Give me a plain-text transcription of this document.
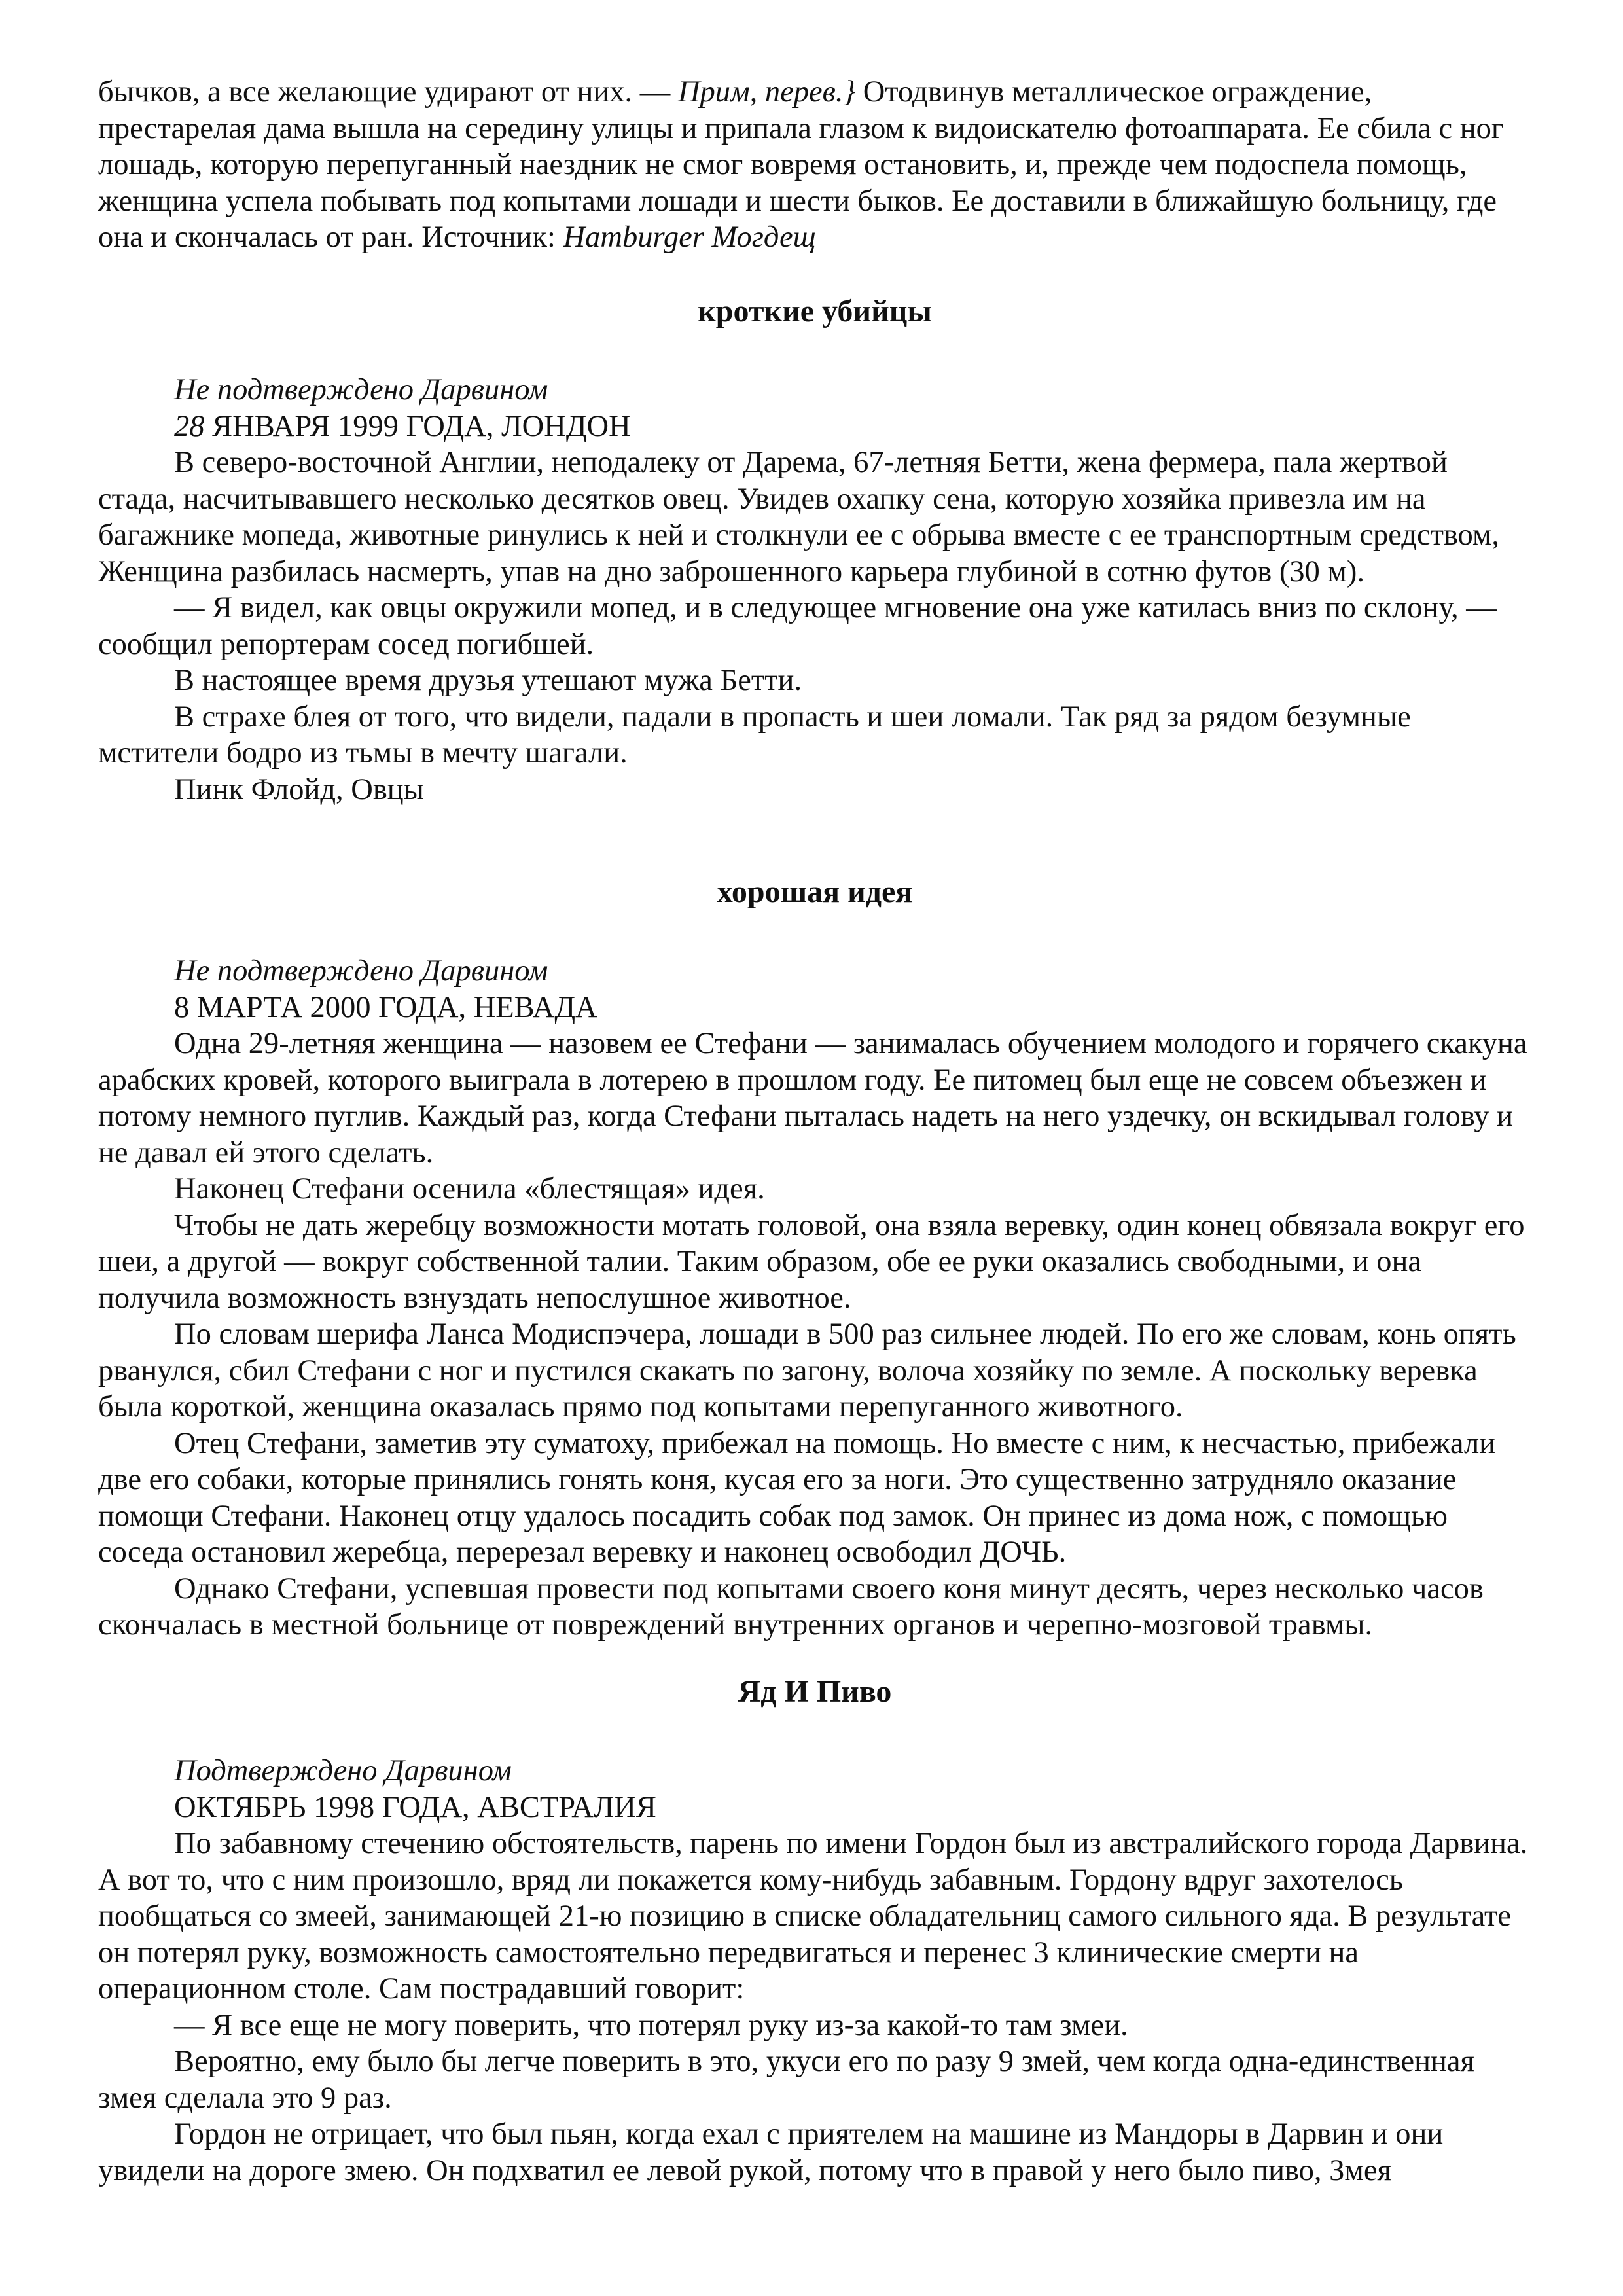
бычков, а все желающие удирают от них. — Прим, перев.} Отодвинув металлическое ограждение, престарелая дама вышла на середину улицы и припала глазом к видоискателю фотоаппарата. Ее сбила с ног лошадь, которую перепуганный наездник не смог вовремя остановить, и, прежде чем подоспела помощь, женщина успела побывать под копытами лошади и шести быков. Ее доставили в ближайшую больницу, где она и скончалась от ран. Источник: Hamburger Могдещ

кроткие убийцы

Не подтверждено Дарвином

28 ЯНВАРЯ 1999 ГОДА, ЛОНДОН

В северо-восточной Англии, неподалеку от Дарема, 67-летняя Бетти, жена фермера, пала жертвой стада, насчитывавшего несколько десятков овец. Увидев охапку сена, которую хозяйка привезла им на багажнике мопеда, животные ринулись к ней и столкнули ее с обрыва вместе с ее транспортным средством, Женщина разбилась насмерть, упав на дно заброшенного карьера глубиной в сотню футов (30 м).

— Я видел, как овцы окружили мопед, и в следующее мгновение она уже катилась вниз по склону, — сообщил репортерам сосед погибшей.

В настоящее время друзья утешают мужа Бетти.

В страхе блея от того, что видели, падали в пропасть и шеи ломали. Так ряд за рядом безумные мстители бодро из тьмы в мечту шагали.

Пинк Флойд, Овцы

хорошая идея

Не подтверждено Дарвином

8 МАРТА 2000 ГОДА, НЕВАДА

Одна 29-летняя женщина — назовем ее Стефани — занималась обучением молодого и горячего скакуна арабских кровей, которого выиграла в лотерею в прошлом году. Ее питомец был еще не совсем объезжен и потому немного пуглив. Каждый раз, когда Стефани пыталась надеть на него уздечку, он вскидывал голову и не давал ей этого сделать.

Наконец Стефани осенила «блестящая» идея.

Чтобы не дать жеребцу возможности мотать головой, она взяла веревку, один конец обвязала вокруг его шеи, а другой — вокруг собственной талии. Таким образом, обе ее руки оказались свободными, и она получила возможность взнуздать непослушное животное.

По словам шерифа Ланса Модиспэчера, лошади в 500 раз сильнее людей. По его же словам, конь опять рванулся, сбил Стефани с ног и пустился скакать по загону, волоча хозяйку по земле. А поскольку веревка была короткой, женщина оказалась прямо под копытами перепуганного животного.

Отец Стефани, заметив эту суматоху, прибежал на помощь. Но вместе с ним, к несчастью, прибежали две его собаки, которые принялись гонять коня, кусая его за ноги. Это существенно затрудняло оказание помощи Стефани. Наконец отцу удалось посадить собак под замок. Он принес из дома нож, с помощью соседа остановил жеребца, перерезал веревку и наконец освободил ДОЧЬ.

Однако Стефани, успевшая провести под копытами своего коня минут десять, через несколько часов скончалась в местной больнице от повреждений внутренних органов и черепно-мозговой травмы.

Яд И Пиво

Подтверждено Дарвином

ОКТЯБРЬ 1998 ГОДА, АВСТРАЛИЯ

По забавному стечению обстоятельств, парень по имени Гордон был из австралийского города Дарвина. А вот то, что с ним произошло, вряд ли покажется кому-нибудь забавным. Гордону вдруг захотелось пообщаться со змеей, занимающей 21-ю позицию в списке обладательниц самого сильного яда. В результате он потерял руку, возможность самостоятельно передвигаться и перенес 3 клинические смерти на операционном столе. Сам пострадавший говорит:

— Я все еще не могу поверить, что потерял руку из-за какой-то там змеи.

Вероятно, ему было бы легче поверить в это, укуси его по разу 9 змей, чем когда одна-единственная змея сделала это 9 раз.

Гордон не отрицает, что был пьян, когда ехал с приятелем на машине из Мандоры в Дарвин и они увидели на дороге змею. Он подхватил ее левой рукой, потому что в правой у него было пиво, Змея
